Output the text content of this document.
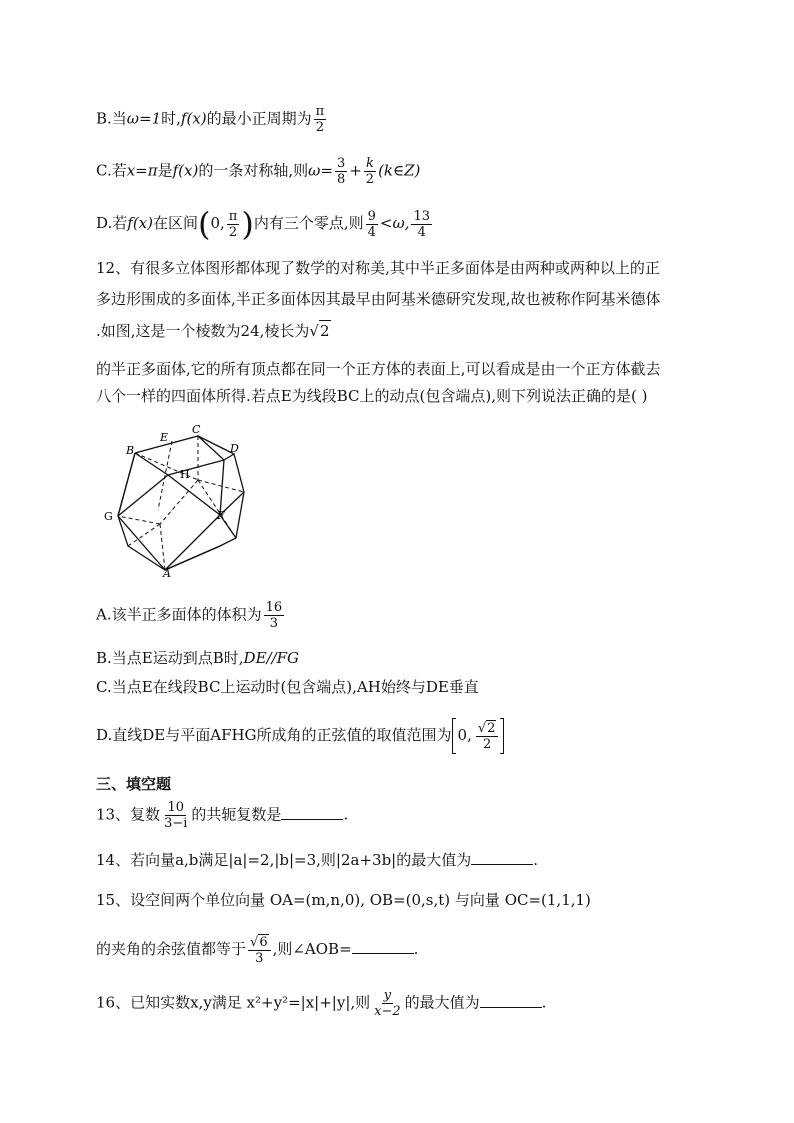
B.当ω=1时,f(x)的最小正周期为 $\frac{\pi}{2}$
C.若x=π是f(x)的一条对称轴,则$\omega= \frac{3}{8} + \frac{k}{2}$ (k∈Z)
D.若f(x)在区间(0, $\frac{\pi}{2}$ )内有三个零点,则 $\frac{9}{4} <\omega$, $\frac{13}{4}$
12、有很多立体图形都体现了数学的对称美,其中半正多面体是由两种或两种以上的正
多边形围成的多面体,半正多面体因其最早由阿基米德研究发现,故也被称作阿基米德体
.如图,这是一个棱数为24,棱长为√2
的半正多面体,它的所有顶点都在同一个正方体的表面上,可以看成是由一个正方体截去
八个一样的四面体所得.若点E为线段BC上的动点(包含端点),则下列说法正确的是( )
B
E
C
D
H
G	F
A
A.该半正多面体的体积为 $\frac{16}{3}$
B.当点E运动到点B时,DE//FG
C.当点E在线段BC上运动时(包含端点),AH始终与DE垂直
D.直线DE与平面AFHG所成角的正弦值的取值范围为 0, $\frac{√2}{2}$
三、填空题
13、复数 $\frac{10}{3-i}$ 的共轭复数是	.
14、若向量a,b满足|a|=2,|b|=3,则|2a+3b|的最大值为	.
15、设空间两个单位向量 OA=(m,n,0), OB=(0,s,t) 与向量 OC=(1,1,1)
的夹角的余弦值都等于 $\frac{√6}{3}$ ,则∠AOB=	.
16、已知实数x,y满足 x²+y²=|x|+|y|,则 $\frac{y}{x-2}$ 的最大值为	.
